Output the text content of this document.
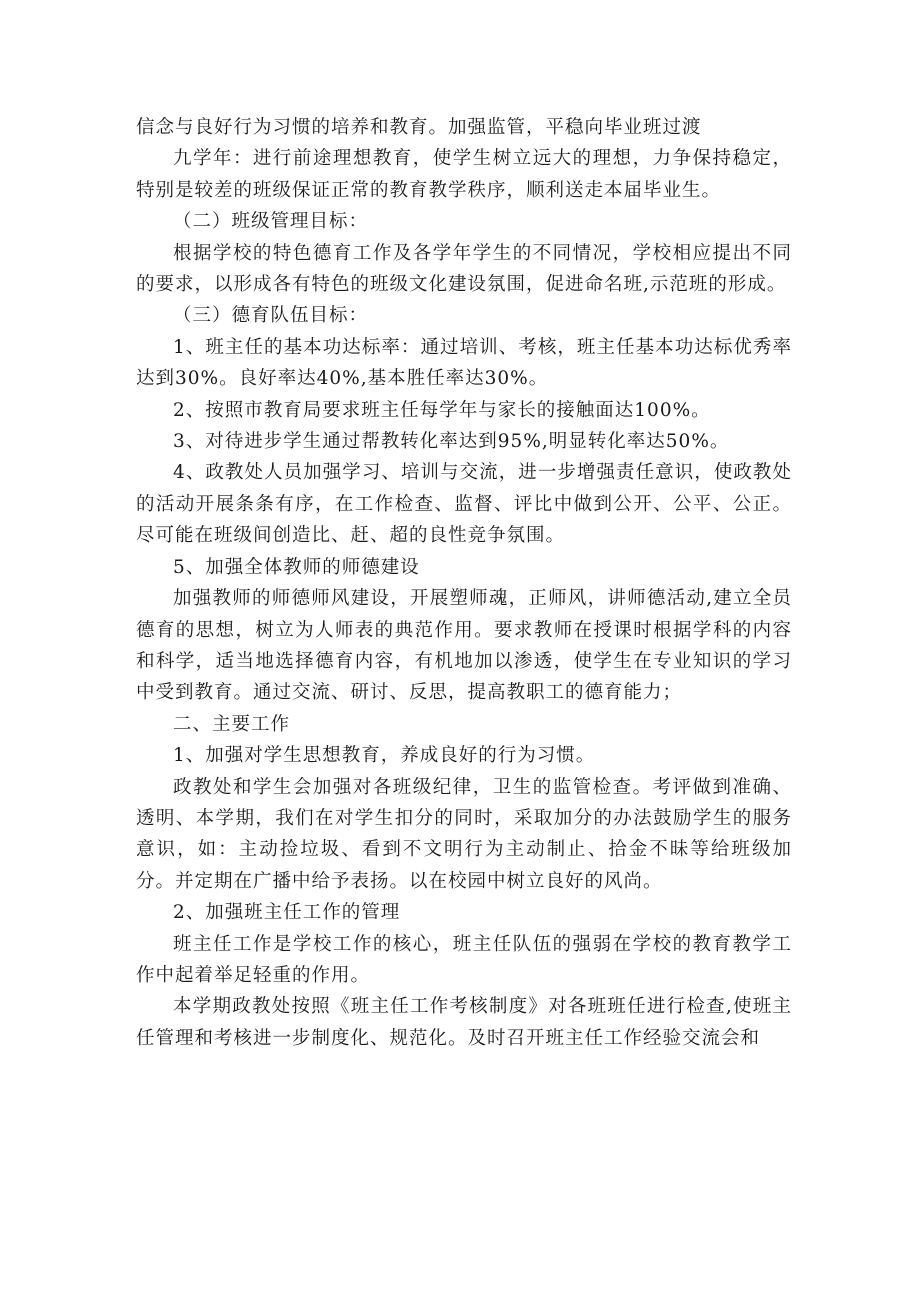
信念与良好行为习惯的培养和教育。加强监管，平稳向毕业班过渡

九学年：进行前途理想教育，使学生树立远大的理想，力争保持稳定，特别是较差的班级保证正常的教育教学秩序，顺利送走本届毕业生。

（二）班级管理目标：

根据学校的特色德育工作及各学年学生的不同情况，学校相应提出不同的要求，以形成各有特色的班级文化建设氛围，促进命名班,示范班的形成。

（三）德育队伍目标：

1、班主任的基本功达标率：通过培训、考核，班主任基本功达标优秀率达到30%。良好率达40%,基本胜任率达30%。

2、按照市教育局要求班主任每学年与家长的接触面达100%。

3、对待进步学生通过帮教转化率达到95%,明显转化率达50%。

4、政教处人员加强学习、培训与交流，进一步增强责任意识，使政教处的活动开展条条有序，在工作检查、监督、评比中做到公开、公平、公正。尽可能在班级间创造比、赶、超的良性竞争氛围。

5、加强全体教师的师德建设

加强教师的师德师风建设，开展塑师魂，正师风，讲师德活动,建立全员德育的思想，树立为人师表的典范作用。要求教师在授课时根据学科的内容和科学，适当地选择德育内容，有机地加以渗透，使学生在专业知识的学习中受到教育。通过交流、研讨、反思，提高教职工的德育能力；

二、主要工作

1、加强对学生思想教育，养成良好的行为习惯。

政教处和学生会加强对各班级纪律，卫生的监管检查。考评做到准确、透明、本学期，我们在对学生扣分的同时，采取加分的办法鼓励学生的服务意识，如：主动捡垃圾、看到不文明行为主动制止、拾金不昧等给班级加分。并定期在广播中给予表扬。以在校园中树立良好的风尚。

2、加强班主任工作的管理

班主任工作是学校工作的核心，班主任队伍的强弱在学校的教育教学工作中起着举足轻重的作用。

本学期政教处按照《班主任工作考核制度》对各班班任进行检查,使班主任管理和考核进一步制度化、规范化。及时召开班主任工作经验交流会和
